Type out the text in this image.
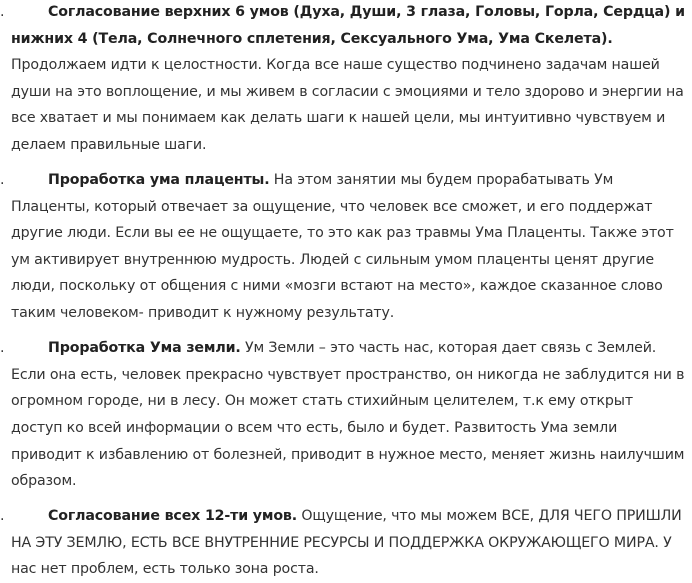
.	Согласование верхних 6 умов (Духа, Души, 3 глаза, Головы, Горла, Сердца) и нижних 4 (Тела, Солнечного сплетения, Сексуального Ума, Ума Скелета). Продолжаем идти к целостности. Когда все наше существо подчинено задачам нашей души на это воплощение, и мы живем в согласии с эмоциями и тело здорово и энергии на все хватает и мы понимаем как делать шаги к нашей цели, мы интуитивно чувствуем и делаем правильные шаги.
.	Проработка ума плаценты. На этом занятии мы будем прорабатывать Ум Плаценты, который отвечает за ощущение, что человек все сможет, и его поддержат другие люди. Если вы ее не ощущаете, то это как раз травмы Ума Плаценты. Также этот ум активирует внутреннюю мудрость. Людей с сильным умом плаценты ценят другие люди, поскольку от общения с ними «мозги встают на место», каждое сказанное слово таким человеком- приводит к нужному результату.
.	Проработка Ума земли. Ум Земли – это часть нас, которая дает связь с Землей. Если она есть, человек прекрасно чувствует пространство, он никогда не заблудится ни в огромном городе, ни в лесу. Он может стать стихийным целителем, т.к ему открыт доступ ко всей информации о всем что есть, было и будет. Развитость Ума земли приводит к избавлению от болезней, приводит в нужное место, меняет жизнь наилучшим образом.
.	Согласование всех 12-ти умов. Ощущение, что мы можем ВСЕ, ДЛЯ ЧЕГО ПРИШЛИ НА ЭТУ ЗЕМЛЮ, ЕСТЬ ВСЕ ВНУТРЕННИЕ РЕСУРСЫ И ПОДДЕРЖКА ОКРУЖАЮЩЕГО МИРА. У нас нет проблем, есть только зона роста.
